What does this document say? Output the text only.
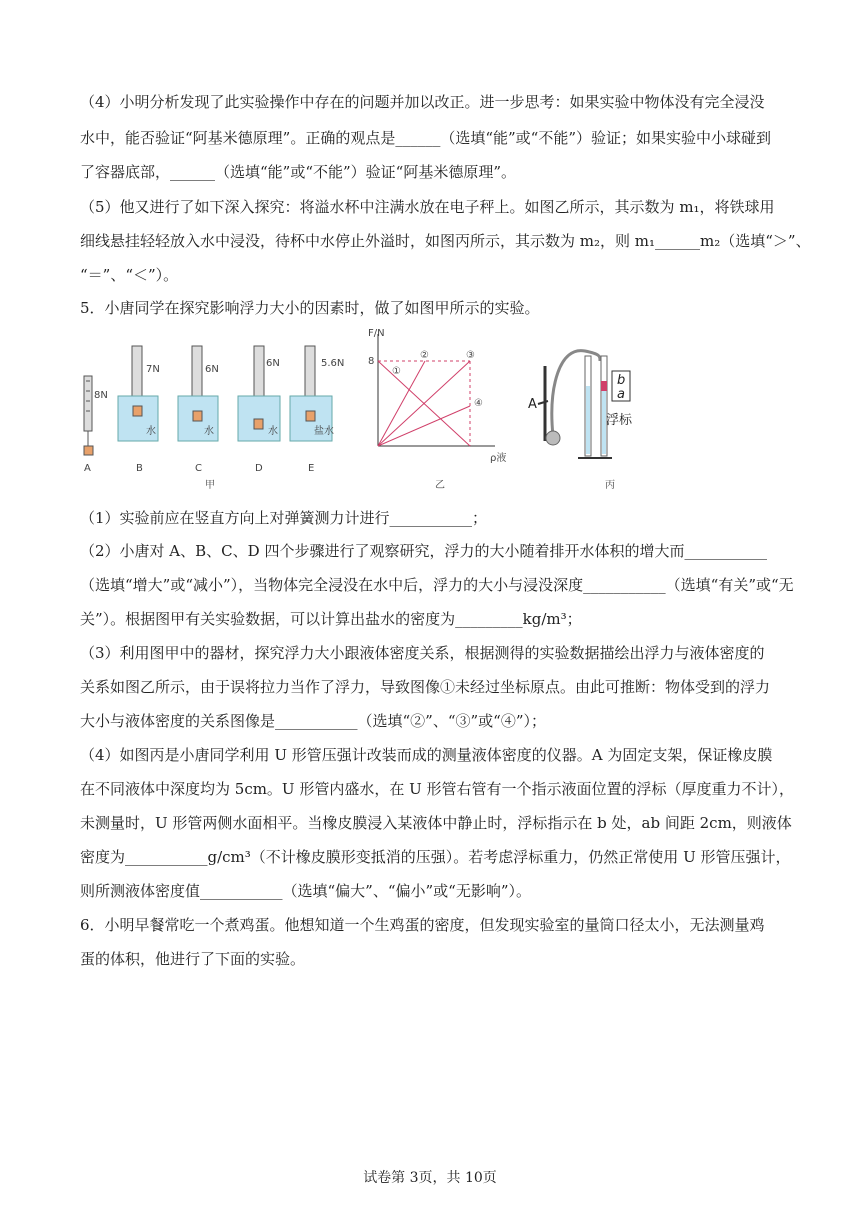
（4）小明分析发现了此实验操作中存在的问题并加以改正。进一步思考：如果实验中物体没有完全浸没
水中，能否验证“阿基米德原理”。正确的观点是______（选填“能”或“不能”）验证；如果实验中小球碰到
了容器底部，______（选填“能”或“不能”）验证“阿基米德原理”。
（5）他又进行了如下深入探究：将溢水杯中注满水放在电子秤上。如图乙所示，其示数为 m₁，将铁球用
细线悬挂轻轻放入水中浸没，待杯中水停止外溢时，如图丙所示，其示数为 m₂，则 m₁______m₂（选填“＞”、
“＝”、“＜”）。
5．小唐同学在探究影响浮力大小的因素时，做了如图甲所示的实验。
（1）实验前应在竖直方向上对弹簧测力计进行___________；
（2）小唐对 A、B、C、D 四个步骤进行了观察研究，浮力的大小随着排开水体积的增大而___________
（选填“增大”或“减小”），当物体完全浸没在水中后，浮力的大小与浸没深度___________（选填“有关”或“无
关”）。根据图甲有关实验数据，可以计算出盐水的密度为_________kg/m³；
（3）利用图甲中的器材，探究浮力大小跟液体密度关系，根据测得的实验数据描绘出浮力与液体密度的
关系如图乙所示，由于误将拉力当作了浮力，导致图像①未经过坐标原点。由此可推断：物体受到的浮力
大小与液体密度的关系图像是___________（选填“②”、“③”或“④”）；
（4）如图丙是小唐同学利用 U 形管压强计改装而成的测量液体密度的仪器。A 为固定支架，保证橡皮膜
在不同液体中深度均为 5cm。U 形管内盛水，在 U 形管右管有一个指示液面位置的浮标（厚度重力不计），
未测量时，U 形管两侧水面相平。当橡皮膜浸入某液体中静止时，浮标指示在 b 处，ab 间距 2cm，则液体
密度为___________g/cm³（不计橡皮膜形变抵消的压强）。若考虑浮标重力，仍然正常使用 U 形管压强计，
则所测液体密度值___________（选填“偏大”、“偏小”或“无影响”）。
6．小明早餐常吃一个煮鸡蛋。他想知道一个生鸡蛋的密度，但发现实验室的量筒口径太小，无法测量鸡
蛋的体积，他进行了下面的实验。
8N
A
7N
水
B
6N
水
C
6N
水
D
5.6N
盐水
E
甲
F/N
ρ液
8
①
②	③
④
乙
A
b
a
浮标
丙
试卷第 3页，共 10页
